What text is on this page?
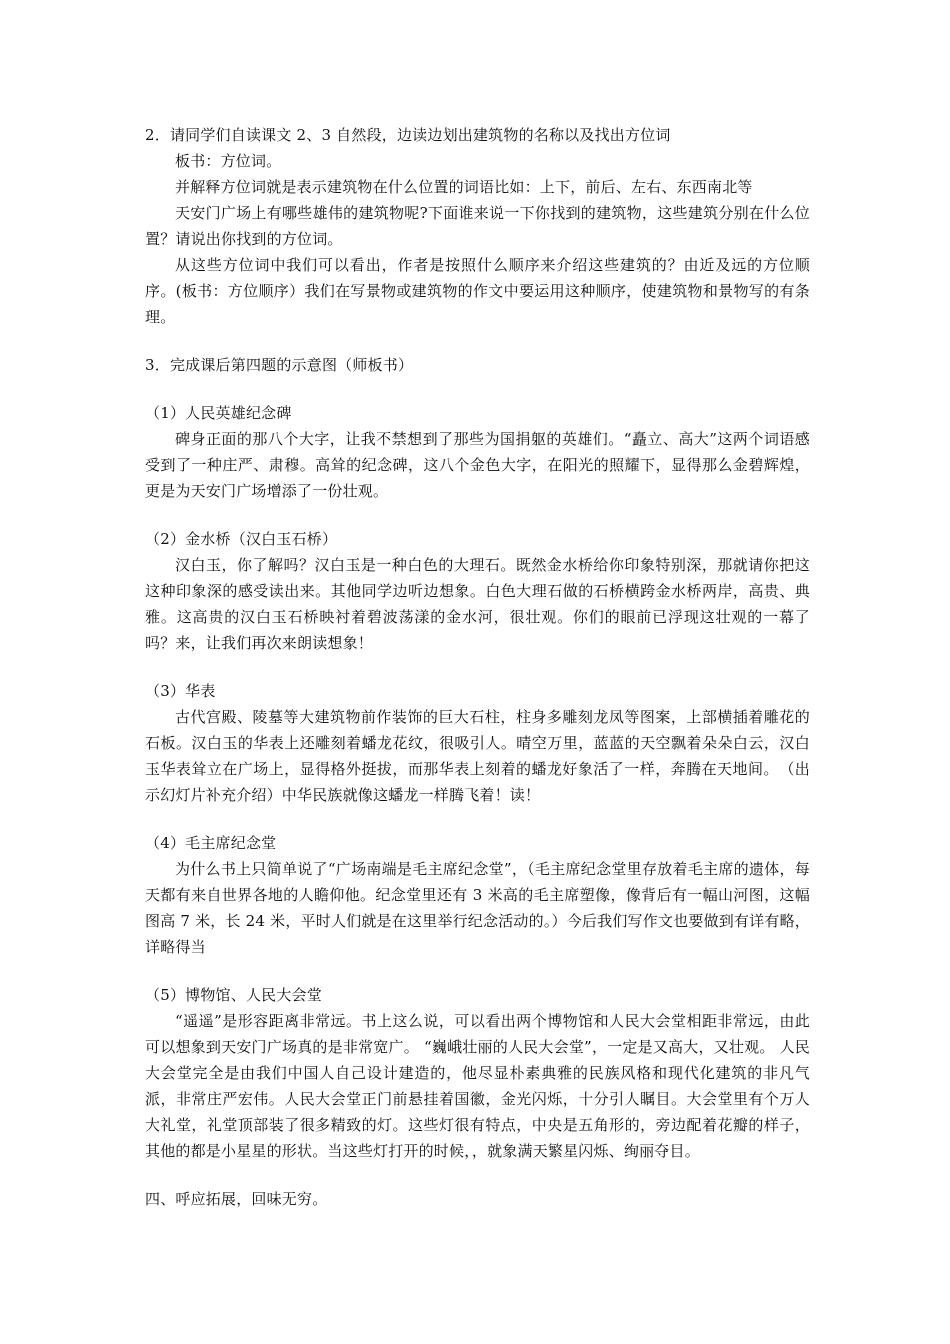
2．请同学们自读课文 2、3 自然段，边读边划出建筑物的名称以及找出方位词

板书：方位词。

并解释方位词就是表示建筑物在什么位置的词语比如：上下，前后、左右、东西南北等

天安门广场上有哪些雄伟的建筑物呢?下面谁来说一下你找到的建筑物，这些建筑分别在什么位置？请说出你找到的方位词。

从这些方位词中我们可以看出，作者是按照什么顺序来介绍这些建筑的？由近及远的方位顺序。(板书：方位顺序）我们在写景物或建筑物的作文中要运用这种顺序，使建筑物和景物写的有条理。

3．完成课后第四题的示意图（师板书）

（1）人民英雄纪念碑

碑身正面的那八个大字，让我不禁想到了那些为国捐躯的英雄们。“矗立、高大”这两个词语感受到了一种庄严、肃穆。高耸的纪念碑，这八个金色大字，在阳光的照耀下，显得那么金碧辉煌，更是为天安门广场增添了一份壮观。

（2）金水桥（汉白玉石桥）

汉白玉，你了解吗？汉白玉是一种白色的大理石。既然金水桥给你印象特别深，那就请你把这这种印象深的感受读出来。其他同学边听边想象。白色大理石做的石桥横跨金水桥两岸，高贵、典雅。这高贵的汉白玉石桥映衬着碧波荡漾的金水河，很壮观。你们的眼前已浮现这壮观的一幕了吗？来，让我们再次来朗读想象！

（3）华表

古代宫殿、陵墓等大建筑物前作装饰的巨大石柱，柱身多雕刻龙凤等图案，上部横插着雕花的石板。汉白玉的华表上还雕刻着蟠龙花纹，很吸引人。晴空万里，蓝蓝的天空飘着朵朵白云，汉白玉华表耸立在广场上，显得格外挺拔，而那华表上刻着的蟠龙好象活了一样，奔腾在天地间。　（出示幻灯片补充介绍）中华民族就像这蟠龙一样腾飞着！读！

（4）毛主席纪念堂

为什么书上只简单说了“广场南端是毛主席纪念堂”，（毛主席纪念堂里存放着毛主席的遗体，每天都有来自世界各地的人瞻仰他。纪念堂里还有 3 米高的毛主席塑像，像背后有一幅山河图，这幅图高 7 米，长 24 米，平时人们就是在这里举行纪念活动的。）今后我们写作文也要做到有详有略，详略得当

（5）博物馆、人民大会堂

“遥遥”是形容距离非常远。书上这么说，可以看出两个博物馆和人民大会堂相距非常远，由此可以想象到天安门广场真的是非常宽广。 “巍峨壮丽的人民大会堂”，一定是又高大，又壮观。 人民大会堂完全是由我们中国人自己设计建造的，他尽显朴素典雅的民族风格和现代化建筑的非凡气派，非常庄严宏伟。人民大会堂正门前悬挂着国徽，金光闪烁，十分引人瞩目。大会堂里有个万人大礼堂，礼堂顶部装了很多精致的灯。这些灯很有特点，中央是五角形的，旁边配着花瓣的样子，其他的都是小星星的形状。当这些灯打开的时候，，就象满天繁星闪烁、绚丽夺目。

四、呼应拓展，回味无穷。
